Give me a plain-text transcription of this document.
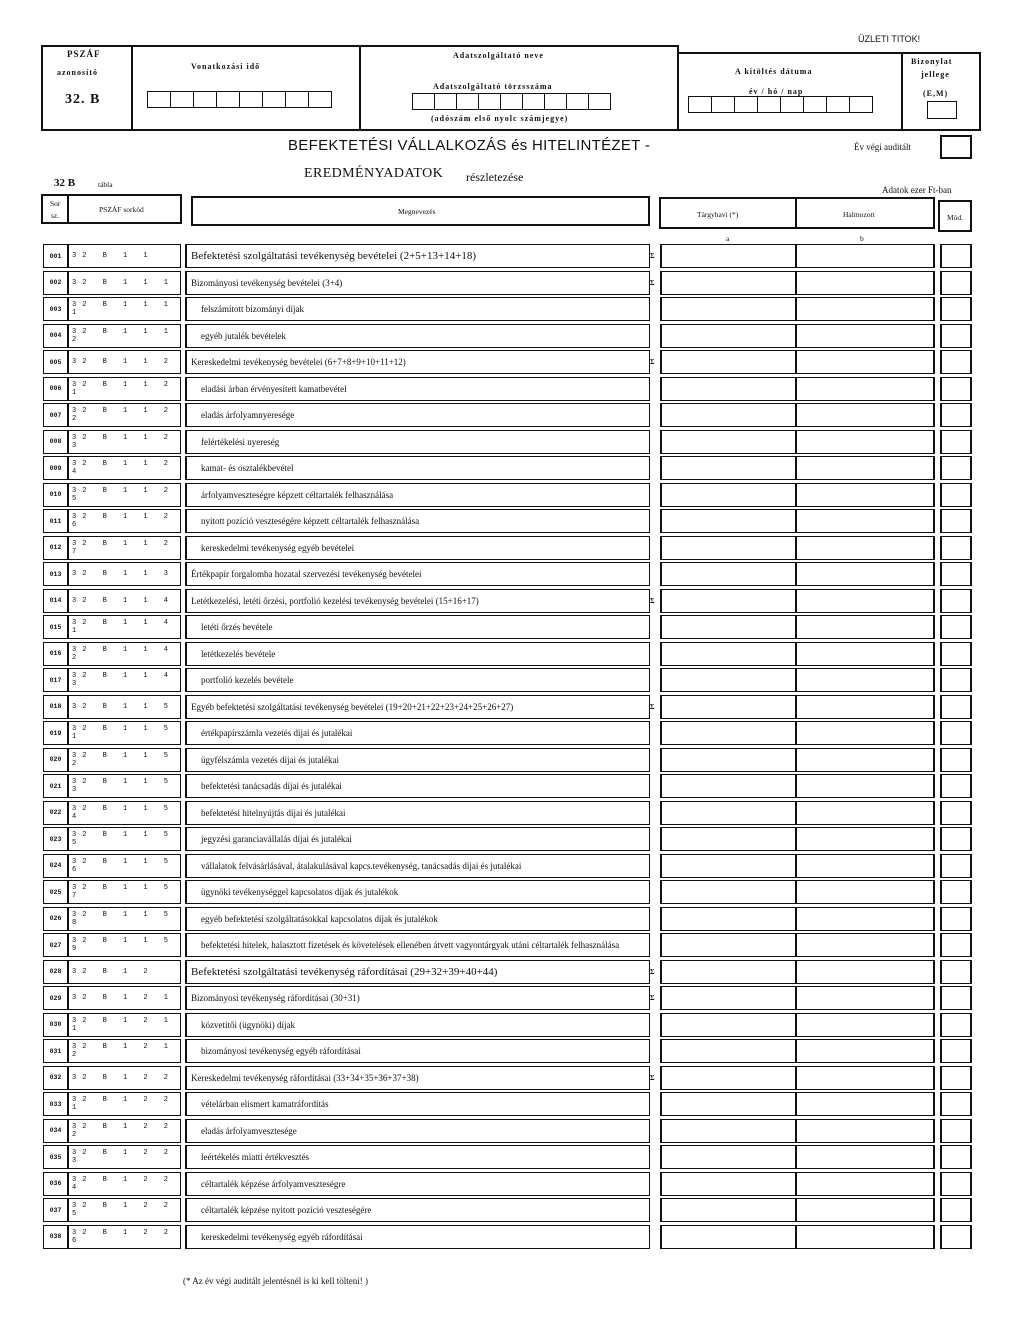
ÜZLETI TITOK!
PSZÁF
azonosító
32. B
Vonatkozási idő
Adatszolgáltató neve
Adatszolgáltató törzsszáma
(adószám első nyolc számjegye)
A kitöltés dátuma
év / hó / nap
Bizonylat
jellege
(E,M)
BEFEKTETÉSI VÁLLALKOZÁS és HITELINTÉZET -	Év végi auditált
EREDMÉNYADATOK részletezése
32 B	tábla
Adatok ezer Ft-ban
Sor
sz.
PSZÁF sorkód	Megnevezés	Tárgyhavi (*)	Halmozott	Mód.
a	b
001	32 B 1 1	Befektetési szolgáltatási tevékenység bevételei (2+5+13+14+18)	Σ
002	32 B 1 1 1	Bizományosi tevékenység bevételei (3+4)	Σ
003	32 B 1 1 1 1	felszámított bizományi díjak
004	32 B 1 1 1 2	egyéb jutalék bevételek
005	32 B 1 1 2	Kereskedelmi tevékenység bevételei (6+7+8+9+10+11+12)	Σ
006	32 B 1 1 2 1	eladási árban érvényesített kamatbevétel
007	32 B 1 1 2 2	eladás árfolyamnyeresége
008	32 B 1 1 2 3	felértékelési nyereség
009	32 B 1 1 2 4	kamat- és osztalékbevétel
010	32 B 1 1 2 5	árfolyamveszteségre képzett céltartalék felhasználása
011	32 B 1 1 2 6	nyitott pozíció veszteségére képzett céltartalék felhasználása
012	32 B 1 1 2 7	kereskedelmi tevékenység egyéb bevételei
013	32 B 1 1 3	Értékpapír forgalomba hozatal szervezési tevékenység bevételei
014	32 B 1 1 4	Letétkezelési, letéti őrzési, portfolió kezelési tevékenység bevételei (15+16+17)	Σ
015	32 B 1 1 4 1	letéti őrzés bevétele
016	32 B 1 1 4 2	letétkezelés bevétele
017	32 B 1 1 4 3	portfolió kezelés bevétele
018	32 B 1 1 5	Egyéb befektetési szolgáltatási tevékenység bevételei (19+20+21+22+23+24+25+26+27)	Σ
019	32 B 1 1 5 1	értékpapírszámla vezetés díjai és jutalékai
020	32 B 1 1 5 2	ügyfélszámla vezetés díjai és jutalékai
021	32 B 1 1 5 3	befektetési tanácsadás díjai és jutalékai
022	32 B 1 1 5 4	befektetési hitelnyújtás díjai és jutalékai
023	32 B 1 1 5 5	jegyzési garanciavállalás díjai és jutalékai
024	32 B 1 1 5 6	vállalatok felvásárlásával, átalakulásával kapcs.tevékenység, tanácsadás díjai és jutalékai
025	32 B 1 1 5 7	ügynöki tevékenységgel kapcsolatos díjak és jutalékok
026	32 B 1 1 5 8	egyéb befektetési szolgáltatásokkal kapcsolatos díjak és jutalékok
027	32 B 1 1 5 9	befektetési hitelek, halasztott fizetések és követelések ellenében átvett vagyontárgyak utáni céltartalék felhasználása
028	32 B 1 2	Befektetési szolgáltatási tevékenység ráfordításai (29+32+39+40+44)	Σ
029	32 B 1 2 1	Bizományosi tevékenység ráfordításai (30+31)	Σ
030	32 B 1 2 1 1	közvetítői (ügynöki) díjak
031	32 B 1 2 1 2	bizományosi tevékenység egyéb ráfordításai
032	32 B 1 2 2	Kereskedelmi tevékenység ráfordításai (33+34+35+36+37+38)	Σ
033	32 B 1 2 2 1	vételárban elismert kamatráfordítás
034	32 B 1 2 2 2	eladás árfolyamvesztesége
035	32 B 1 2 2 3	leértékelés miatti értékvesztés
036	32 B 1 2 2 4	céltartalék képzése árfolyamveszteségre
037	32 B 1 2 2 5	céltartalék képzése nyitott pozíció veszteségére
038	32 B 1 2 2 6	kereskedelmi tevékenység egyéb ráfordításai
(* Az év végi auditált jelentésnél is ki kell tölteni! )
